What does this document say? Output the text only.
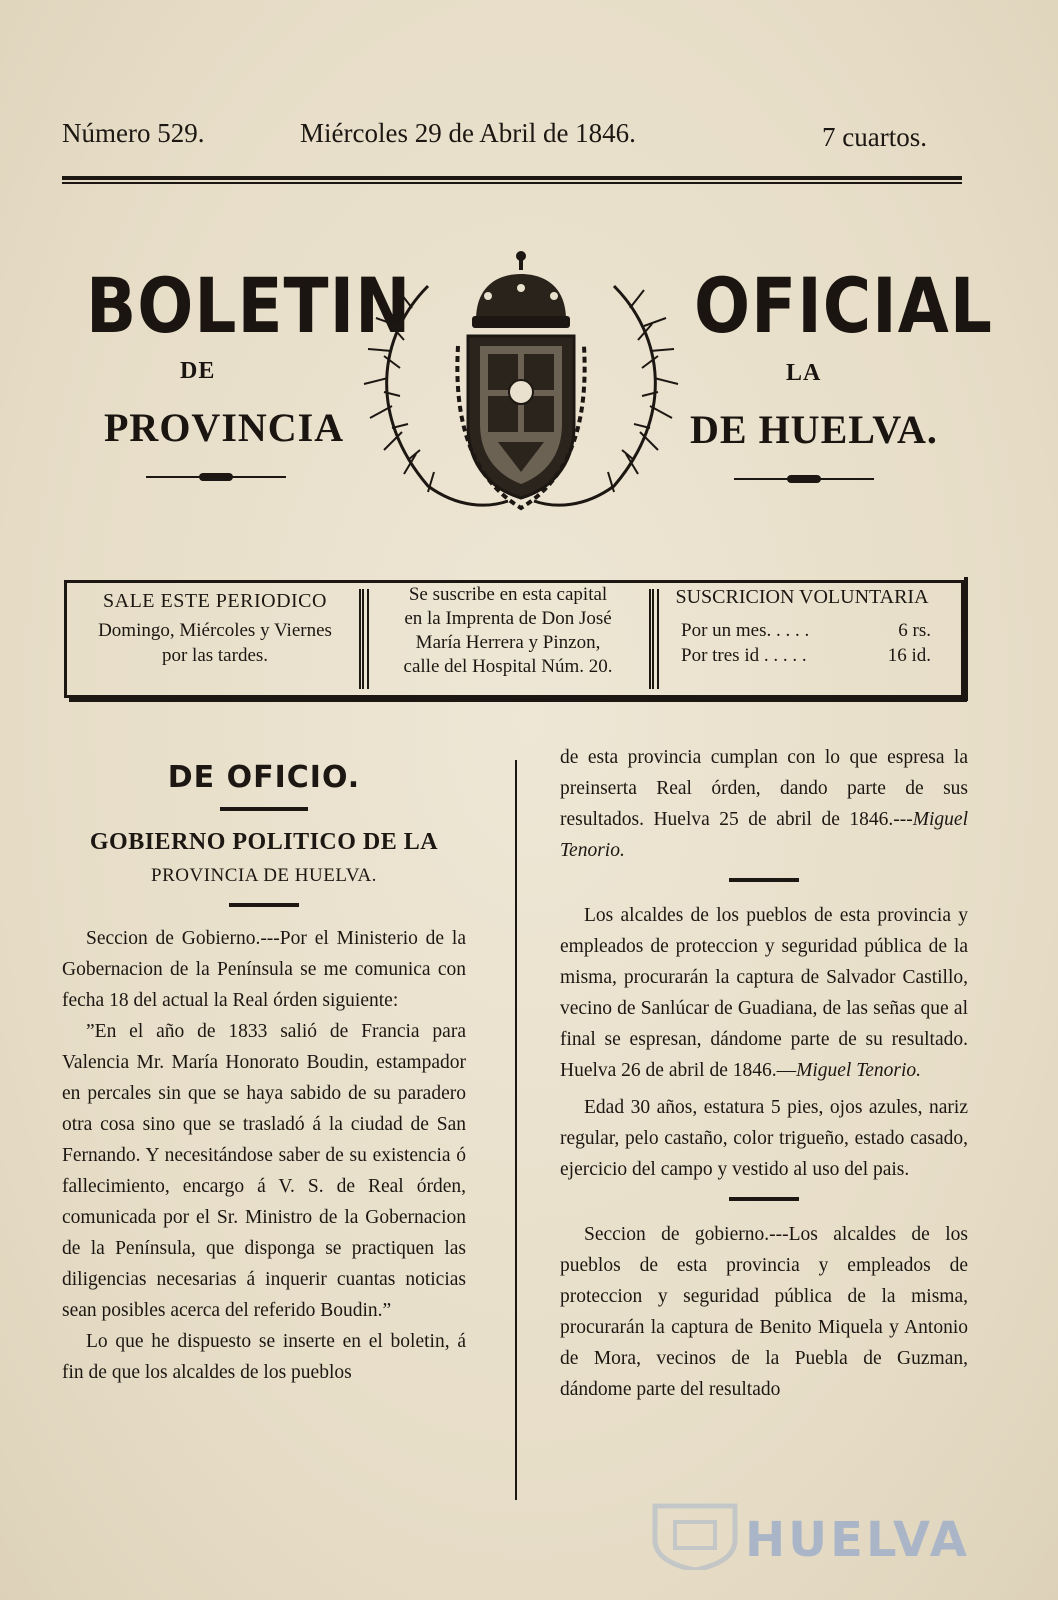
Número 529.	Miércoles 29 de Abril de 1846.	7 cuartos.
BOLETIN	OFICIAL
DE	LA
PROVINCIA	DE HUELVA.
SALE ESTE PERIODICO
Domingo, Miércoles y Viernes
por las tardes.
Se suscribe en esta capital
en la Imprenta de Don José
María Herrera y Pinzon,
calle del Hospital Núm. 20.
SUSCRICION VOLUNTARIA
Por un mes. . . . .	6 rs.
Por tres id . . . . .	16 id.
DE OFICIO.
GOBIERNO POLITICO DE LA
PROVINCIA DE HUELVA.

Seccion de Gobierno.---Por el Ministerio de la Gobernacion de la Península se me comunica con fecha 18 del actual la Real órden siguiente:

”En el año de 1833 salió de Francia para Valencia Mr. María Honorato Boudin, estampador en percales sin que se haya sabido de su paradero otra cosa sino que se trasladó á la ciudad de San Fernando. Y necesitándose saber de su existencia ó fallecimiento, encargo á V. S. de Real órden, comunicada por el Sr. Ministro de la Gobernacion de la Península, que disponga se practiquen las diligencias necesarias á inquerir cuantas noticias sean posibles acerca del referido Boudin.”

Lo que he dispuesto se inserte en el boletin, á fin de que los alcaldes de los pueblos

de esta provincia cumplan con lo que espresa la preinserta Real órden, dando parte de sus resultados. Huelva 25 de abril de 1846.---Miguel Tenorio.

Los alcaldes de los pueblos de esta provincia y empleados de proteccion y seguridad pública de la misma, procurarán la captura de Salvador Castillo, vecino de Sanlúcar de Guadiana, de las señas que al final se espresan, dándome parte de su resultado. Huelva 26 de abril de 1846.—Miguel Tenorio.

Edad 30 años, estatura 5 pies, ojos azules, nariz regular, pelo castaño, color trigueño, estado casado, ejercicio del campo y vestido al uso del pais.

Seccion de gobierno.---Los alcaldes de los pueblos de esta provincia y empleados de proteccion y seguridad pública de la misma, procurarán la captura de Benito Miquela y Antonio de Mora, vecinos de la Puebla de Guzman, dándome parte del resultado

HUELVA
